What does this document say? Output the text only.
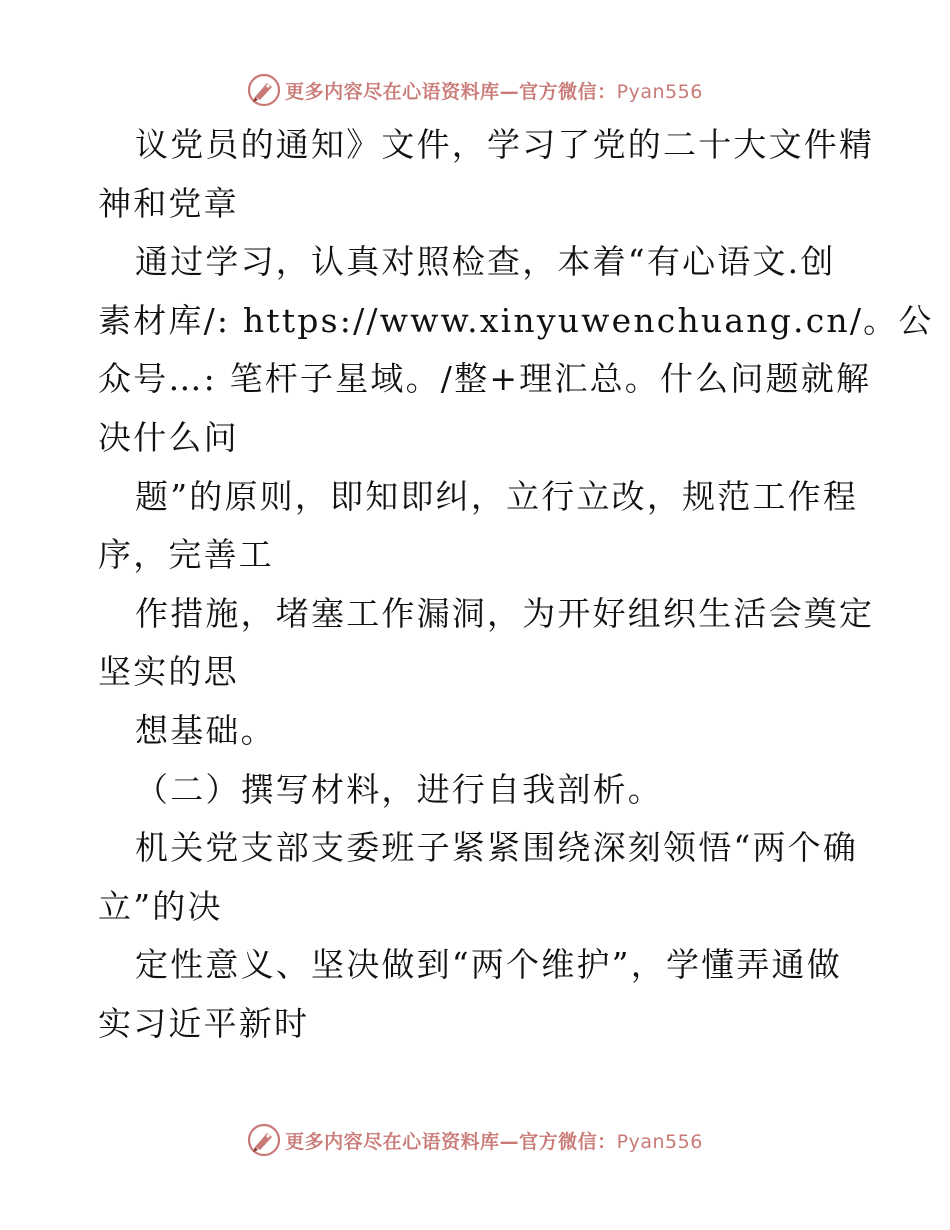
更多内容尽在心语资料库—官方微信：Pyan556
议党员的通知》文件，学习了党的二十大文件精
神和党章
通过学习，认真对照检查，本着“有心语文.创
素材库/: https://www.xinyuwenchuang.cn/。公
众号…: 笔杆子星域。/整+理汇总。什么问题就解
决什么问
题”的原则，即知即纠，立行立改，规范工作程
序，完善工
作措施，堵塞工作漏洞，为开好组织生活会奠定
坚实的思
想基础。
（二）撰写材料，进行自我剖析。
机关党支部支委班子紧紧围绕深刻领悟“两个确
立”的决
定性意义、坚决做到“两个维护”，学懂弄通做
实习近平新时
更多内容尽在心语资料库—官方微信：Pyan556
